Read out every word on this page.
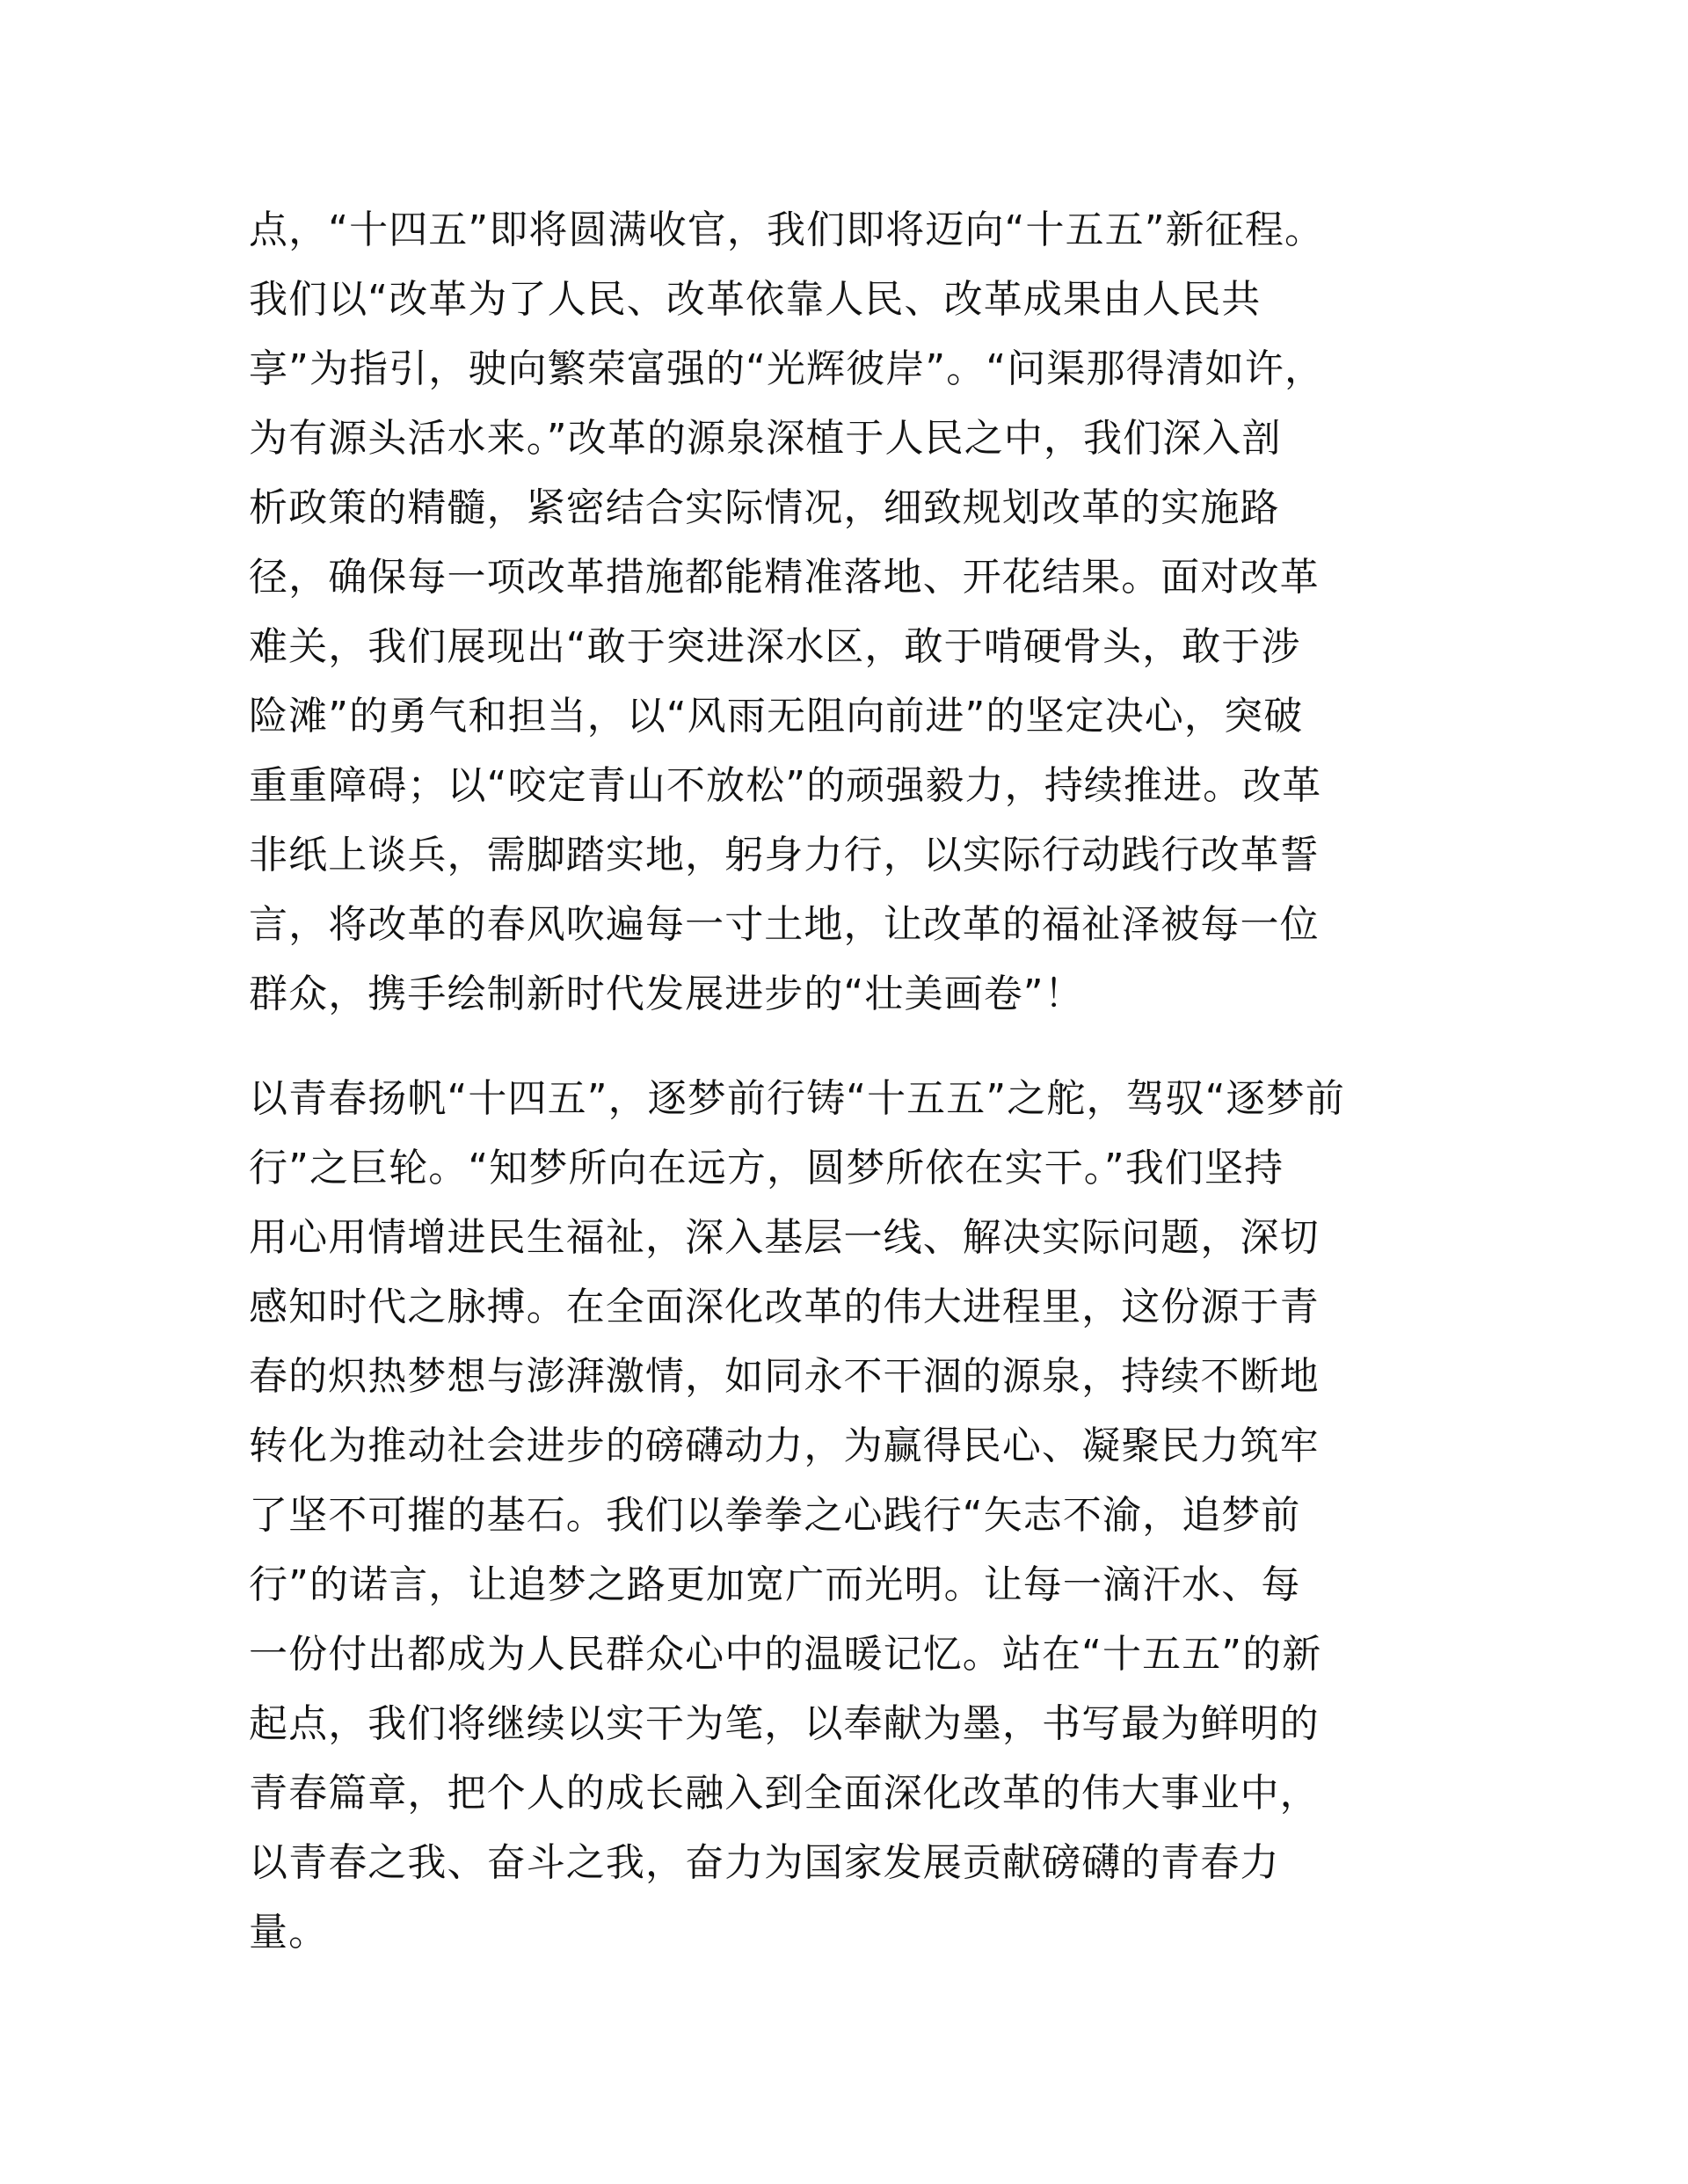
点，“十四五”即将圆满收官，我们即将迈向“十五五”新征程。
我们以“改革为了人民、改革依靠人民、改革成果由人民共
享”为指引，驶向繁荣富强的“光辉彼岸”。“问渠那得清如许，
为有源头活水来。”改革的源泉深植于人民之中，我们深入剖
析政策的精髓，紧密结合实际情况，细致规划改革的实施路
径，确保每一项改革措施都能精准落地、开花结果。面对改革
难关，我们展现出“敢于突进深水区，敢于啃硬骨头，敢于涉
险滩”的勇气和担当，以“风雨无阻向前进”的坚定决心，突破
重重障碍；以“咬定青山不放松”的顽强毅力，持续推进。改革
非纸上谈兵，需脚踏实地，躬身力行，以实际行动践行改革誓
言，将改革的春风吹遍每一寸土地，让改革的福祉泽被每一位
群众，携手绘制新时代发展进步的“壮美画卷”！
以青春扬帆“十四五”，逐梦前行铸“十五五”之舵，驾驭“逐梦前
行”之巨轮。“知梦所向在远方，圆梦所依在实干。”我们坚持
用心用情增进民生福祉，深入基层一线、解决实际问题，深切
感知时代之脉搏。在全面深化改革的伟大进程里，这份源于青
春的炽热梦想与澎湃激情，如同永不干涸的源泉，持续不断地
转化为推动社会进步的磅礴动力，为赢得民心、凝聚民力筑牢
了坚不可摧的基石。我们以拳拳之心践行“矢志不渝，追梦前
行”的诺言，让追梦之路更加宽广而光明。让每一滴汗水、每
一份付出都成为人民群众心中的温暖记忆。站在“十五五”的新
起点，我们将继续以实干为笔，以奉献为墨，书写最为鲜明的
青春篇章，把个人的成长融入到全面深化改革的伟大事业中，
以青春之我、奋斗之我，奋力为国家发展贡献磅礴的青春力
量。
